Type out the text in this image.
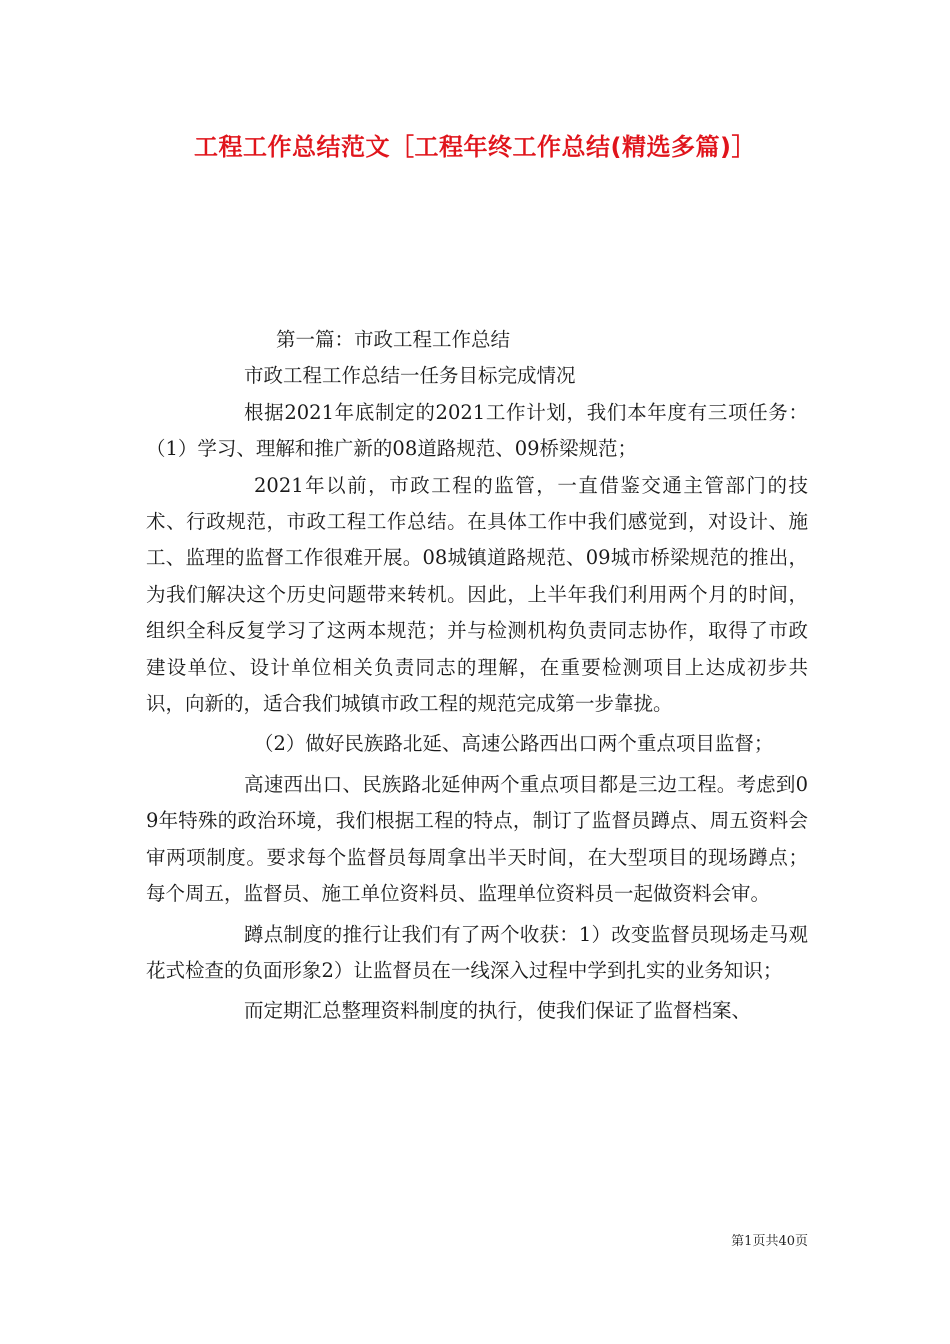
工程工作总结范文［工程年终工作总结(精选多篇)］

第一篇：市政工程工作总结

市政工程工作总结一任务目标完成情况

根据2021年底制定的2021工作计划，我们本年度有三项任务：（1）学习、理解和推广新的08道路规范、09桥梁规范；

2021年以前，市政工程的监管，一直借鉴交通主管部门的技术、行政规范，市政工程工作总结。在具体工作中我们感觉到，对设计、施工、监理的监督工作很难开展。08城镇道路规范、09城市桥梁规范的推出，为我们解决这个历史问题带来转机。因此，上半年我们利用两个月的时间，组织全科反复学习了这两本规范；并与检测机构负责同志协作，取得了市政建设单位、设计单位相关负责同志的理解，在重要检测项目上达成初步共识，向新的，适合我们城镇市政工程的规范完成第一步靠拢。

（2）做好民族路北延、高速公路西出口两个重点项目监督；

高速西出口、民族路北延伸两个重点项目都是三边工程。考虑到09年特殊的政治环境，我们根据工程的特点，制订了监督员蹲点、周五资料会审两项制度。要求每个监督员每周拿出半天时间，在大型项目的现场蹲点；每个周五，监督员、施工单位资料员、监理单位资料员一起做资料会审。

蹲点制度的推行让我们有了两个收获：1）改变监督员现场走马观花式检查的负面形象2）让监督员在一线深入过程中学到扎实的业务知识；

而定期汇总整理资料制度的执行，使我们保证了监督档案、

第1页共40页
